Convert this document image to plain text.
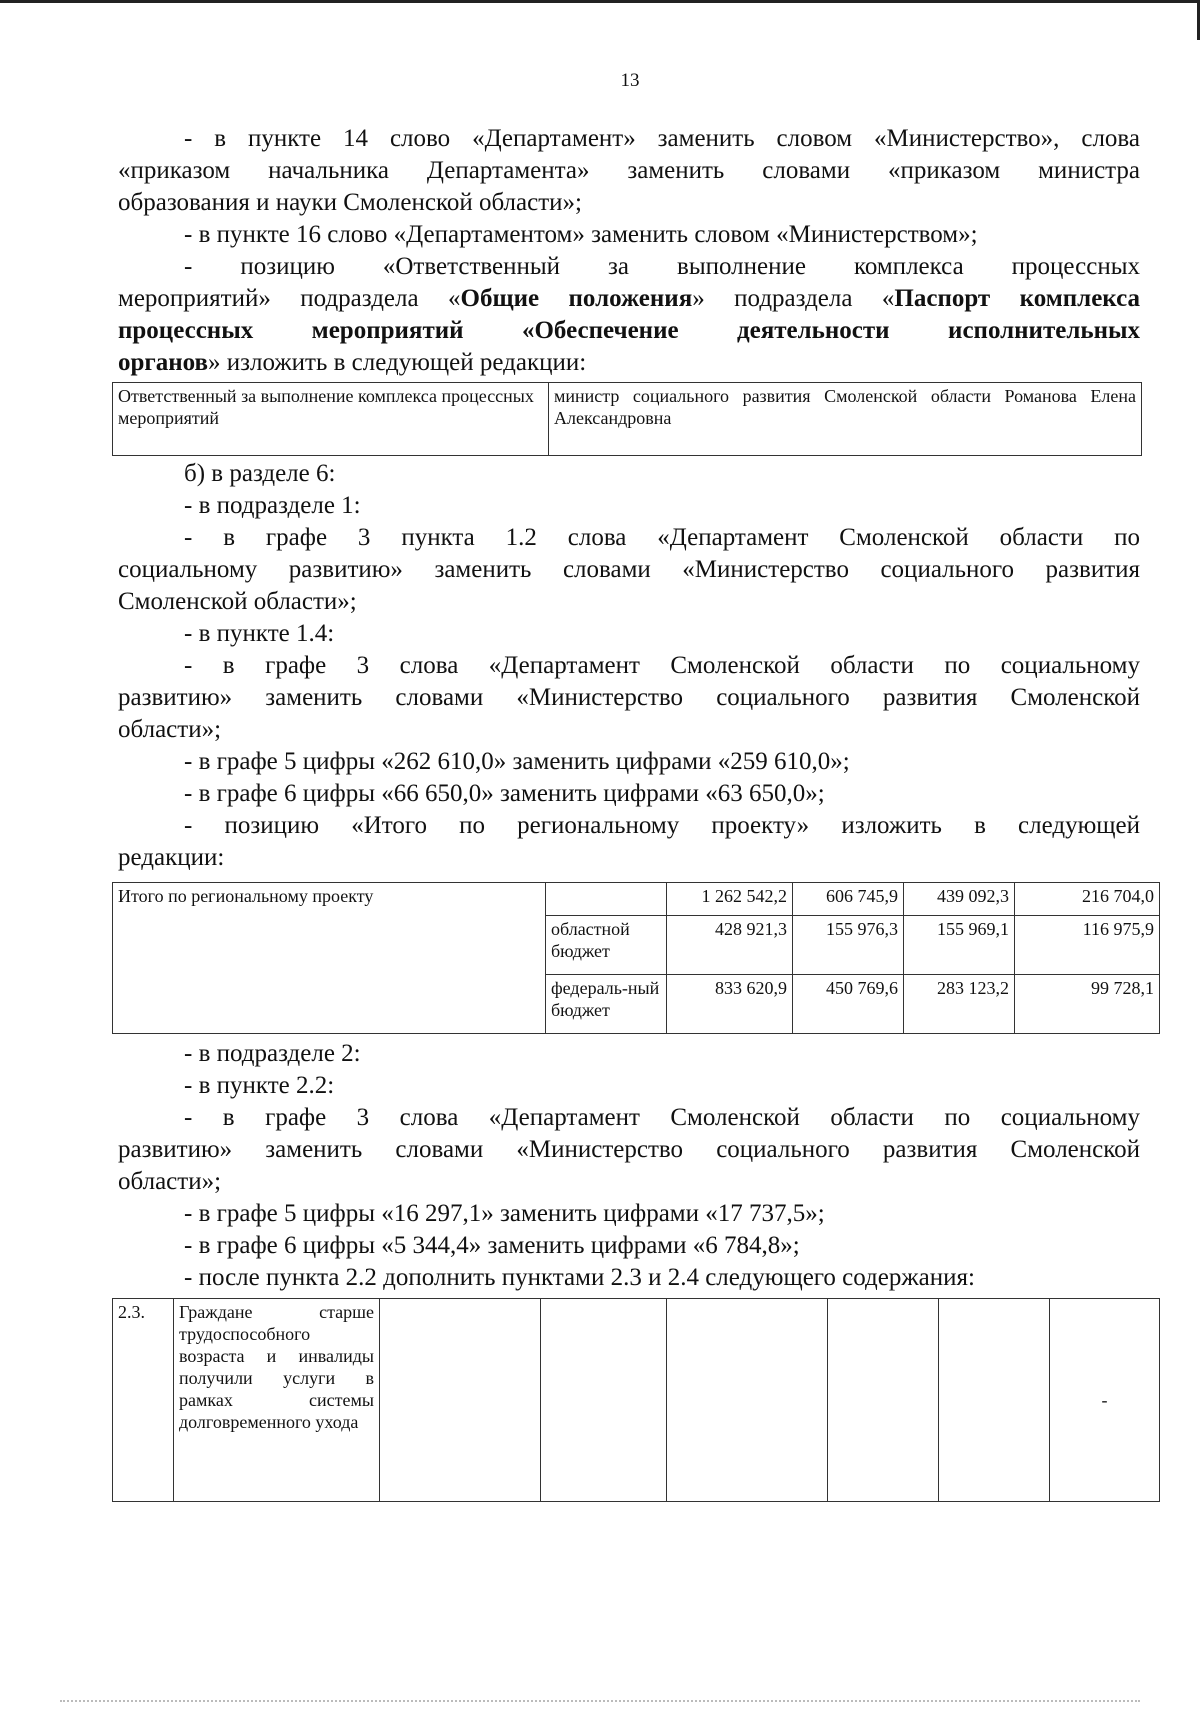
13
- в пункте 14 слово «Департамент» заменить словом «Министерство», слова
«приказом начальника Департамента» заменить словами «приказом министра
образования и науки Смоленской области»;
- в пункте 16 слово «Департаментом» заменить словом «Министерством»;
- позицию «Ответственный за выполнение комплекса процессных
мероприятий» подраздела «Общие положения» подраздела «Паспорт комплекса
процессных мероприятий «Обеспечение деятельности исполнительных
органов» изложить в следующей редакции:
Ответственный за выполнение комплекса процессных мероприятий	министр социального развития Смоленской области Романова Елена Александровна
б) в разделе 6:
- в подразделе 1:
- в графе 3 пункта 1.2 слова «Департамент Смоленской области по
социальному развитию» заменить словами «Министерство социального развития
Смоленской области»;
- в пункте 1.4:
- в графе 3 слова «Департамент Смоленской области по социальному
развитию» заменить словами «Министерство социального развития Смоленской
области»;
- в графе 5 цифры «262 610,0» заменить цифрами «259 610,0»;
- в графе 6 цифры «66 650,0» заменить цифрами «63 650,0»;
- позицию «Итого по региональному проекту» изложить в следующей
редакции:
Итого по региональному проекту		1 262 542,2	606 745,9	439 092,3	216 704,0
	областной бюджет	428 921,3	155 976,3	155 969,1	116 975,9
	федераль-ный бюджет	833 620,9	450 769,6	283 123,2	99 728,1
- в подразделе 2:
- в пункте 2.2:
- в графе 3 слова «Департамент Смоленской области по социальному
развитию» заменить словами «Министерство социального развития Смоленской
области»;
- в графе 5 цифры «16 297,1» заменить цифрами «17 737,5»;
- в графе 6 цифры «5 344,4» заменить цифрами «6 784,8»;
- после пункта 2.2 дополнить пунктами 2.3 и 2.4 следующего содержания:
2.3.	Граждане старше трудоспособного возраста и инвалиды получили услуги в рамках системы долговременного ухода						-
